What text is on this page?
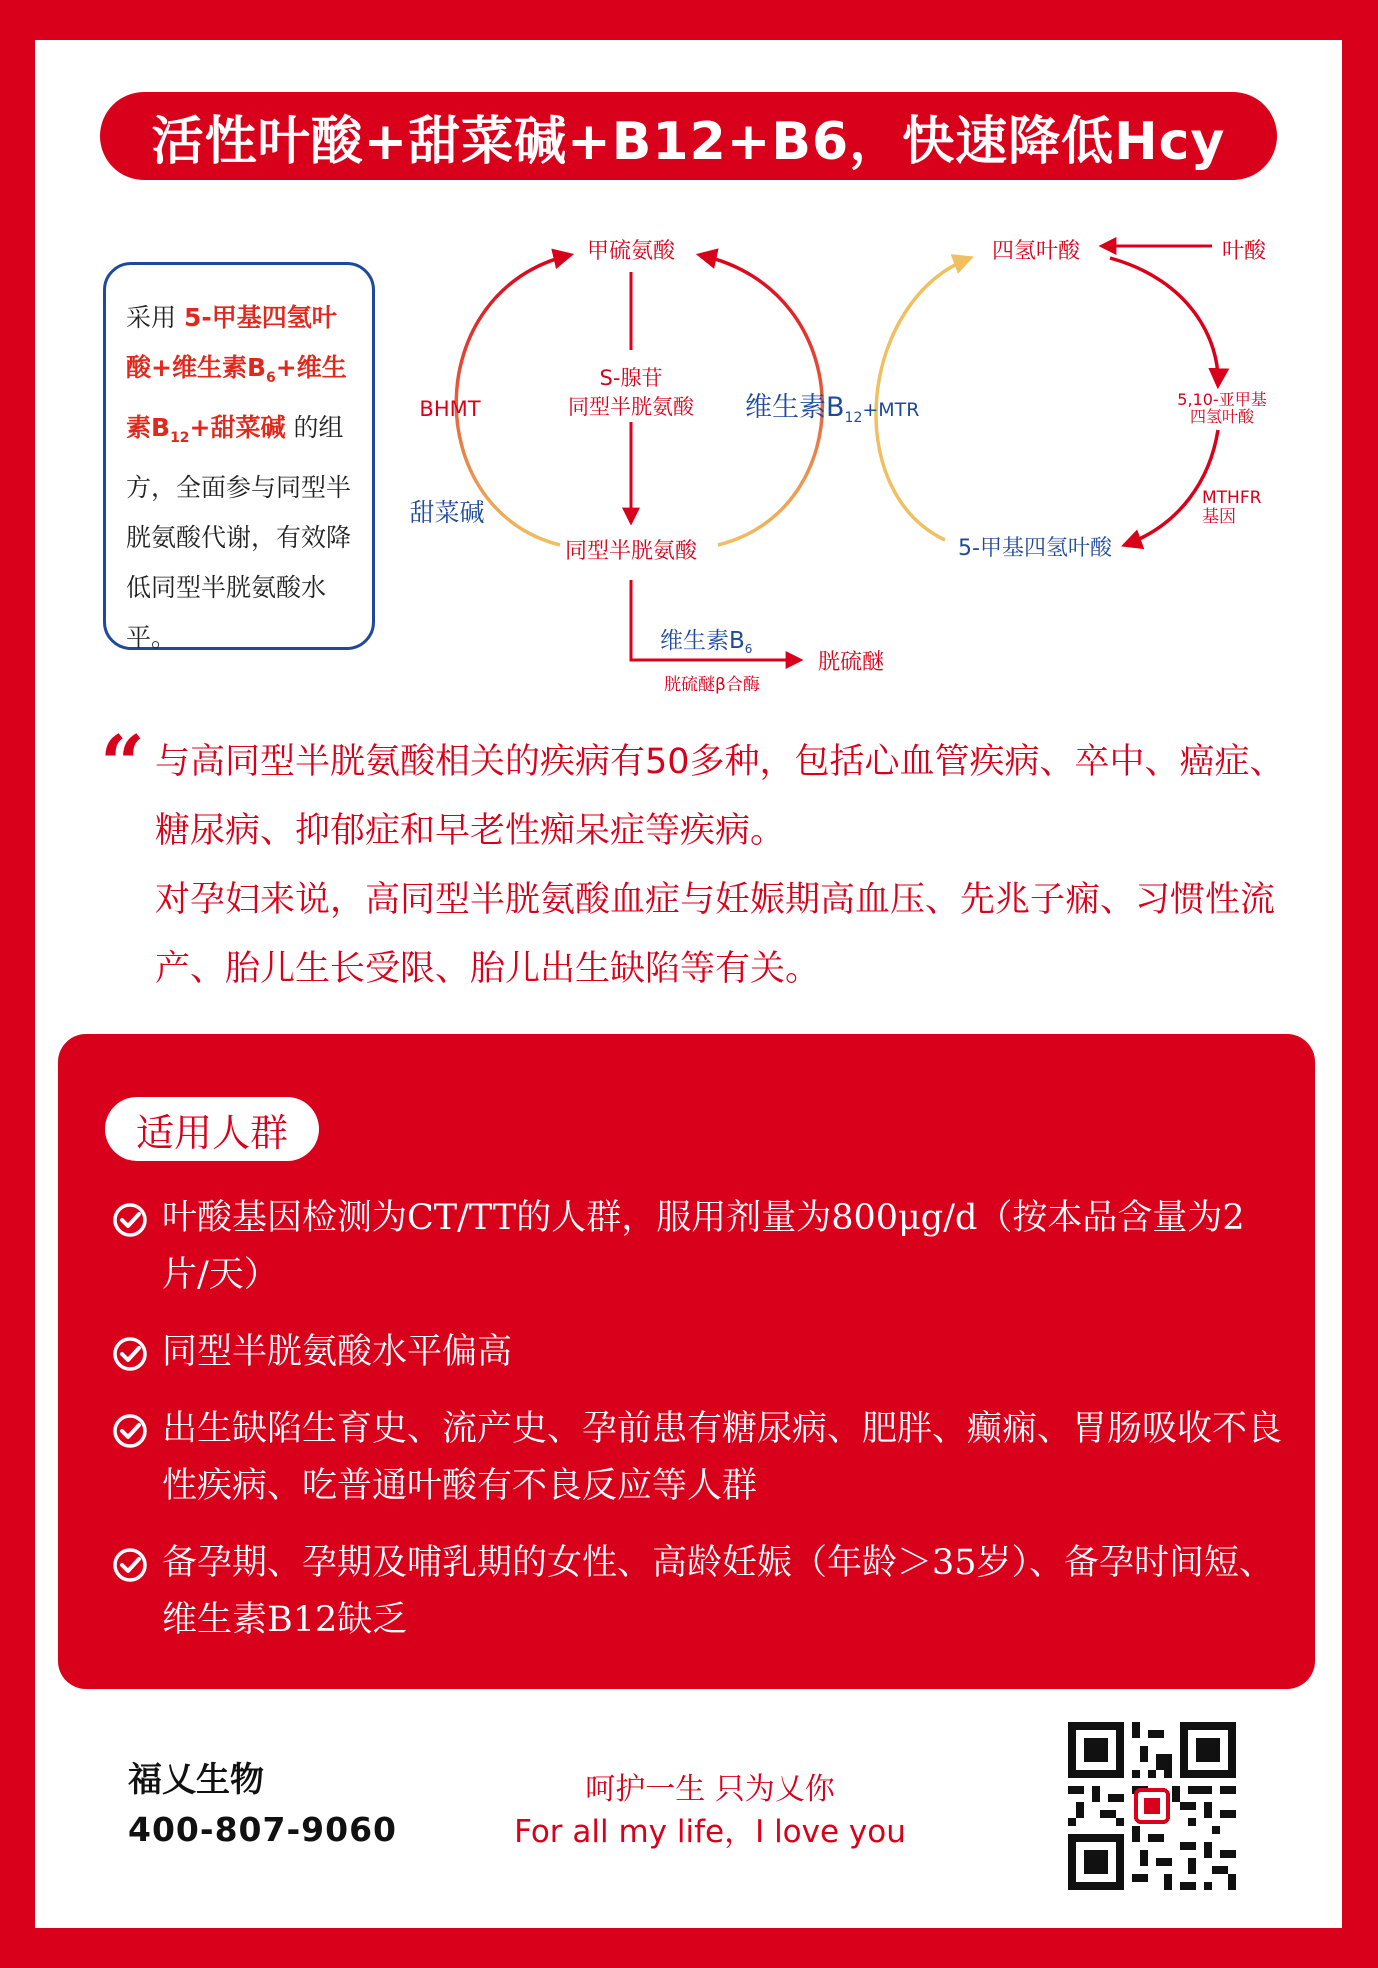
活性叶酸+甜菜碱+B12+B6，快速降低Hcy
采用 5-甲基四氢叶酸+维生素$B_6+$维生素$B_{12}+$甜菜碱 的组方，全面参与同型半胱氨酸代谢，有效降低同型半胱氨酸水平。
甲硫氨酸
S-腺苷
同型半胱氨酸
同型半胱氨酸
BHMT
甜菜碱
维生素$B_{12}^{+MTR}$
四氢叶酸	叶酸
5,10-亚甲基
四氢叶酸
MTHFR
基因
5-甲基四氢叶酸
维生素$B_6$
胱硫醚β合酶
胱硫醚
“ 与高同型半胱氨酸相关的疾病有50多种，包括心血管疾病、卒中、癌症、糖尿病、抑郁症和早老性痴呆症等疾病。

对孕妇来说，高同型半胱氨酸血症与妊娠期高血压、先兆子痫、习惯性流产、胎儿生长受限、胎儿出生缺陷等有关。

适用人群
叶酸基因检测为CT/TT的人群，服用剂量为800μg/d（按本品含量为2片/天）
同型半胱氨酸水平偏高
出生缺陷生育史、流产史、孕前患有糖尿病、肥胖、癫痫、胃肠吸收不良性疾病、吃普通叶酸有不良反应等人群
备孕期、孕期及哺乳期的女性、高龄妊娠（年龄＞35岁）、备孕时间短、维生素B12缺乏
福乂生物
400-807-9060
呵护一生 只为乂你
For all my life，I love you
